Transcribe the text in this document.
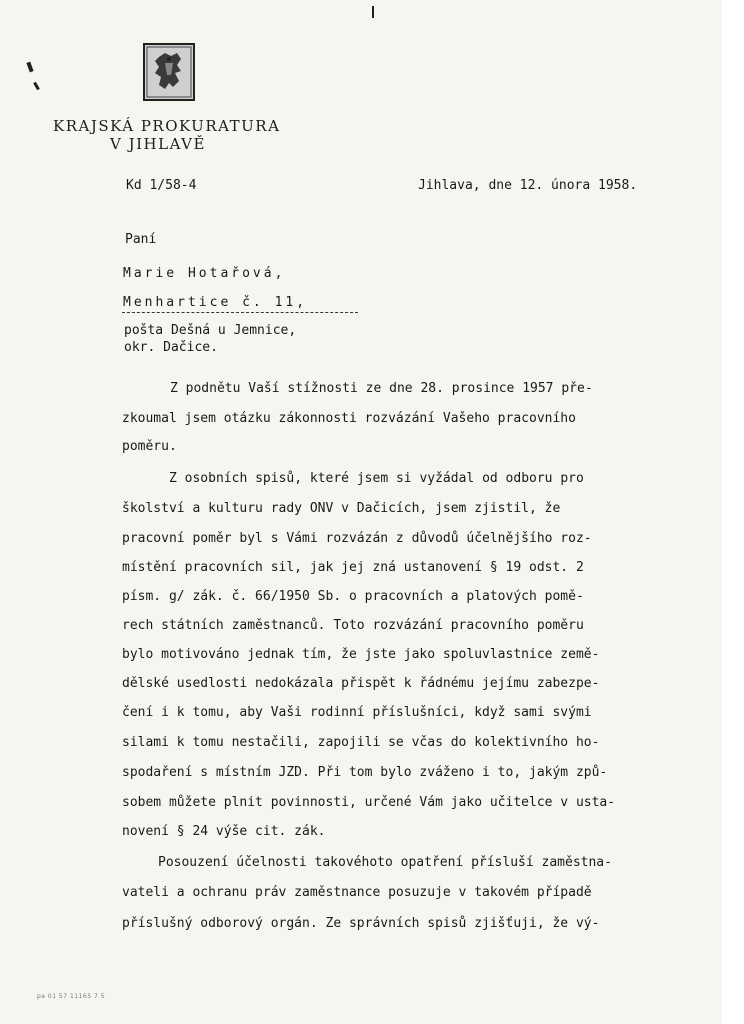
KRAJSKÁ PROKURATURA
V JIHLAVĚ
Kd 1/58-4	Jihlava, dne 12. února 1958.
Paní
Marie Hotařová,
Menhartice č. 11,
pošta Dešná u Jemnice,
okr. Dačice.
Z podnětu Vaší stížnosti ze dne 28. prosince 1957 pře-
zkoumal jsem otázku zákonnosti rozvázání Vašeho pracovního
poměru.
Z osobních spisů, které jsem si vyžádal od odboru pro
školství a kulturu rady ONV v Dačicích, jsem zjistil, že
pracovní poměr byl s Vámi rozvázán z důvodů účelnějšího roz-
místění pracovních sil, jak jej zná ustanovení § 19 odst. 2
písm. g/ zák. č. 66/1950 Sb. o pracovních a platových pomě-
rech státních zaměstnanců. Toto rozvázání pracovního poměru
bylo motivováno jednak tím, že jste jako spoluvlastnice země-
dělské usedlosti nedokázala přispět k řádnému jejímu zabezpe-
čení i k tomu, aby Vaši rodinní příslušníci, když sami svými
silami k tomu nestačili, zapojili se včas do kolektivního ho-
spodaření s místním JZD. Při tom bylo zváženo i to, jakým způ-
sobem můžete plnit povinnosti, určené Vám jako učitelce v usta-
novení § 24 výše cit. zák.
Posouzení účelnosti takovéhoto opatření přísluší zaměstna-
vateli a ochranu práv zaměstnance posuzuje v takovém případě
příslušný odborový orgán. Ze správních spisů zjišťuji, že vý-
pa 01 57 11165 7 5
